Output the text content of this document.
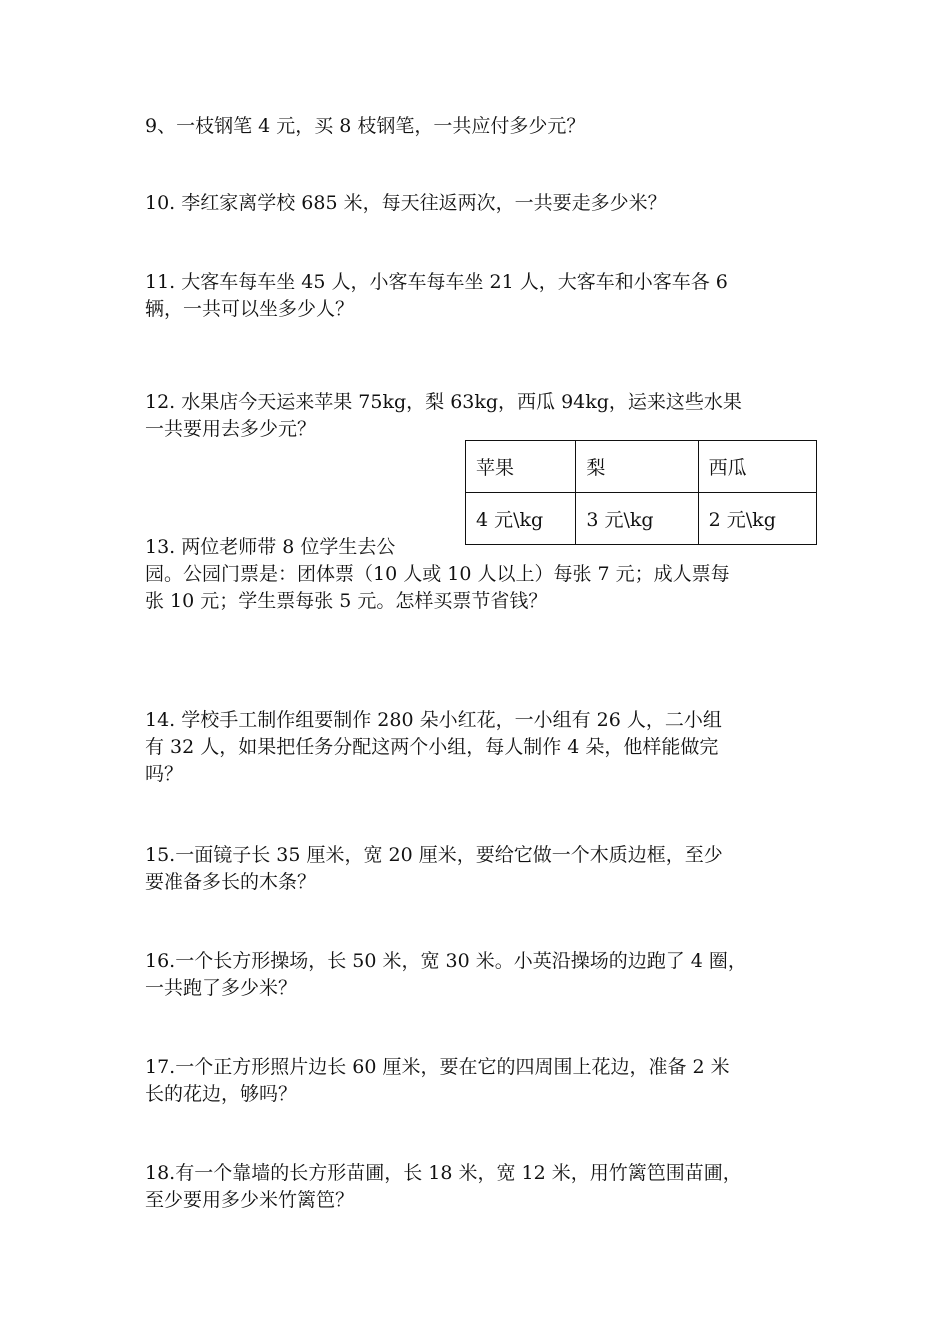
9、一枝钢笔 4 元，买 8 枝钢笔，一共应付多少元？
10. 李红家离学校 685 米，每天往返两次，一共要走多少米？
11. 大客车每车坐 45 人，小客车每车坐 21 人，大客车和小客车各 6
辆，一共可以坐多少人？
12. 水果店今天运来苹果 75kg，梨 63kg，西瓜 94kg，运来这些水果
一共要用去多少元？
苹果	梨	西瓜
4 元\kg	3 元\kg	2 元\kg
13. 两位老师带 8 位学生去公
园。公园门票是：团体票（10 人或 10 人以上）每张 7 元；成人票每
张 10 元；学生票每张 5 元。怎样买票节省钱？
14. 学校手工制作组要制作 280 朵小红花，一小组有 26 人，二小组
有 32 人，如果把任务分配这两个小组，每人制作 4 朵，他样能做完
吗？
15.一面镜子长 35 厘米，宽 20 厘米，要给它做一个木质边框，至少
要准备多长的木条？
16.一个长方形操场，长 50 米，宽 30 米。小英沿操场的边跑了 4 圈，
一共跑了多少米？
17.一个正方形照片边长 60 厘米，要在它的四周围上花边，准备 2 米
长的花边，够吗？
18.有一个靠墙的长方形苗圃，长 18 米，宽 12 米，用竹篱笆围苗圃，
至少要用多少米竹篱笆？
